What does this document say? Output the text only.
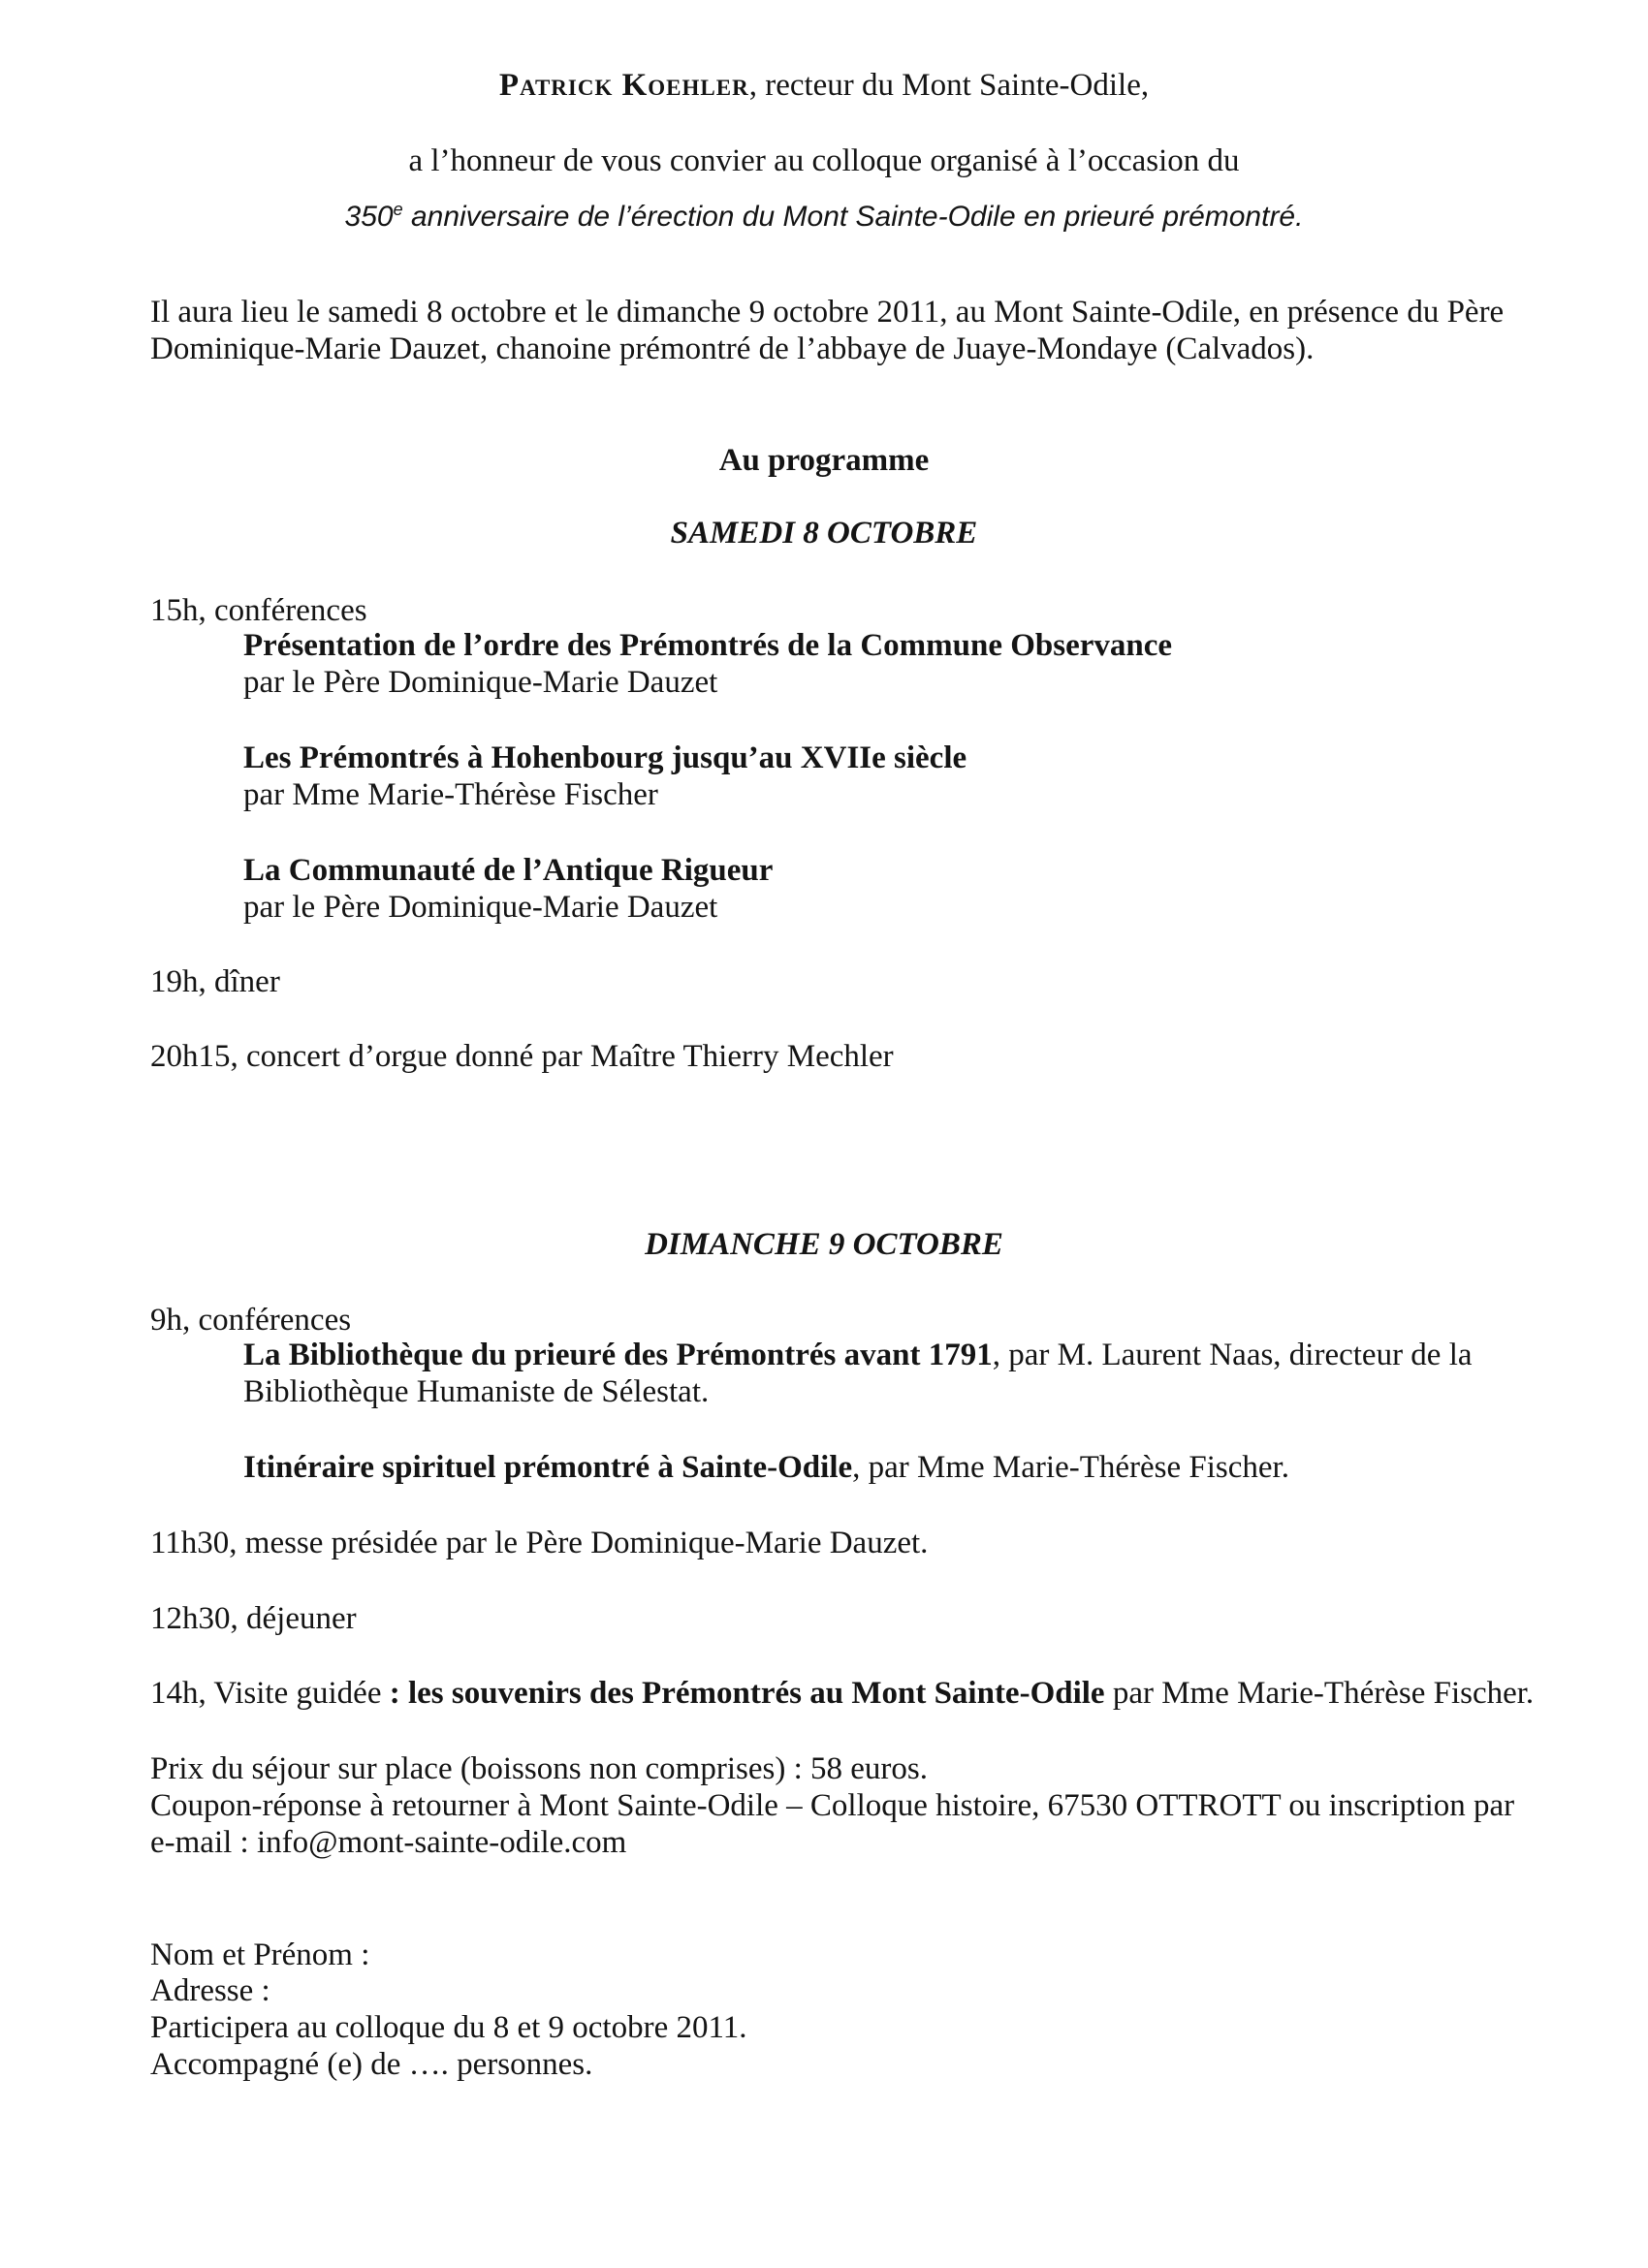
Patrick Koehler, recteur du Mont Sainte-Odile,
a l’honneur de vous convier au colloque organisé à l’occasion du
350e anniversaire de l’érection du Mont Sainte-Odile en prieuré prémontré.
Il aura lieu le samedi 8 octobre et le dimanche 9 octobre 2011, au Mont Sainte-Odile, en présence du Père
Dominique-Marie Dauzet, chanoine prémontré de l’abbaye de Juaye-Mondaye (Calvados).
Au programme
SAMEDI 8 OCTOBRE
15h, conférences
Présentation de l’ordre des Prémontrés de la Commune Observance
par le Père Dominique-Marie Dauzet
Les Prémontrés à Hohenbourg jusqu’au XVIIe siècle
par Mme Marie-Thérèse Fischer
La Communauté de l’Antique Rigueur
par le Père Dominique-Marie Dauzet
19h, dîner
20h15, concert d’orgue donné par Maître Thierry Mechler
DIMANCHE 9 OCTOBRE
9h, conférences
La Bibliothèque du prieuré des Prémontrés avant 1791, par M. Laurent Naas, directeur de la
Bibliothèque Humaniste de Sélestat.
Itinéraire spirituel prémontré à Sainte-Odile, par Mme Marie-Thérèse Fischer.
11h30, messe présidée par le Père Dominique-Marie Dauzet.
12h30, déjeuner
14h, Visite guidée : les souvenirs des Prémontrés au Mont Sainte-Odile par Mme Marie-Thérèse Fischer.
Prix du séjour sur place (boissons non comprises) : 58 euros.
Coupon-réponse à retourner à Mont Sainte-Odile – Colloque histoire, 67530 OTTROTT ou inscription par
e-mail : info@mont-sainte-odile.com
Nom et Prénom :
Adresse :
Participera au colloque du 8 et 9 octobre 2011.
Accompagné (e) de …. personnes.
